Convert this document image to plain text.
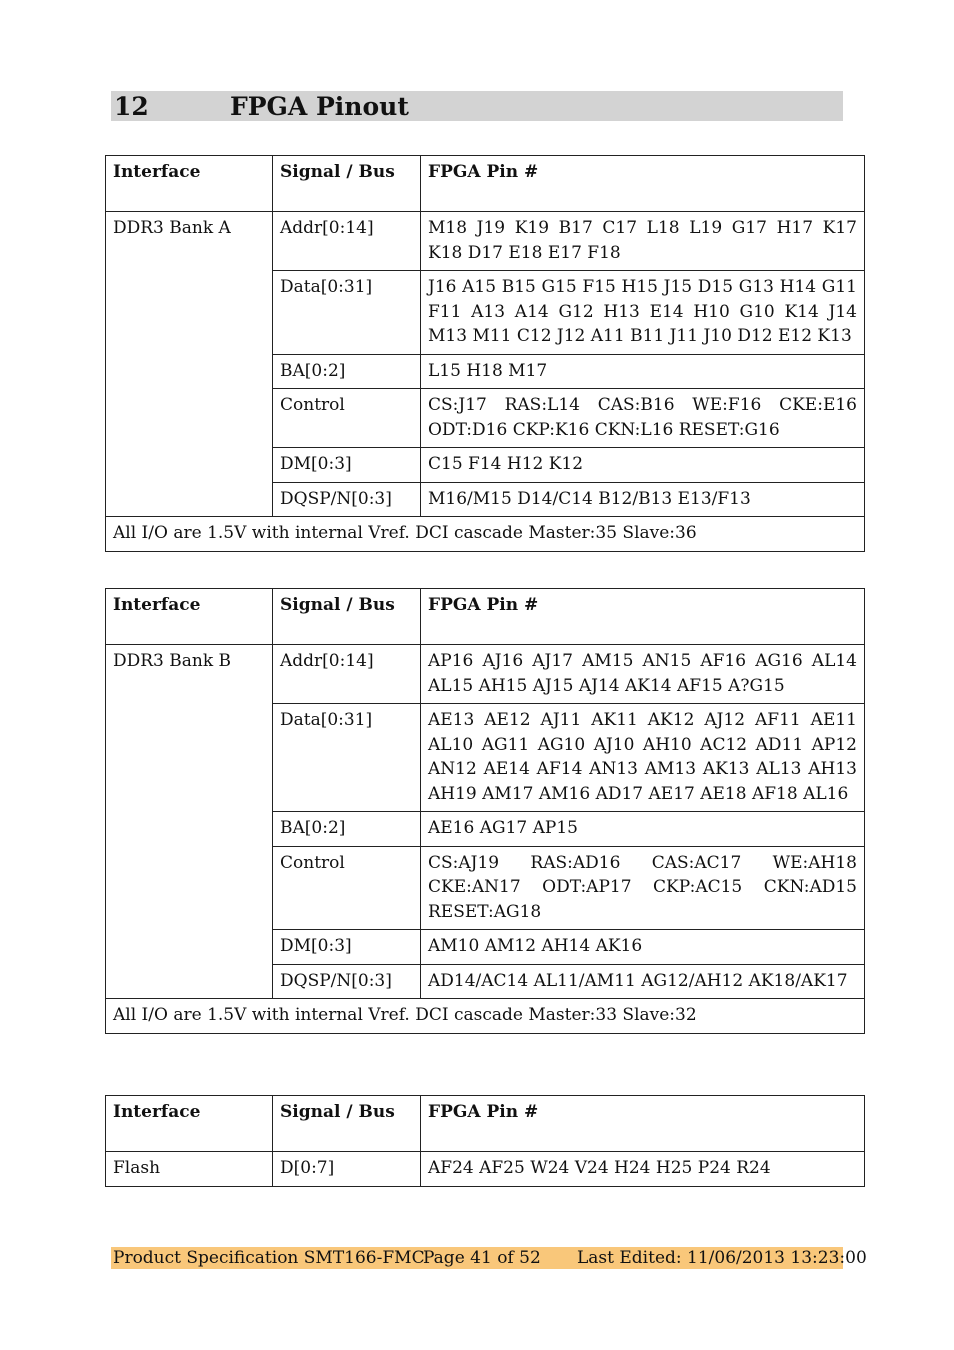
12	FPGA Pinout
Interface	Signal / Bus	FPGA Pin #
DDR3 Bank A	Addr[0:14]	M18 J19 K19 B17 C17 L18 L19 G17 H17 K17 K18 D17 E18 E17 F18
	Data[0:31]	J16 A15 B15 G15 F15 H15 J15 D15 G13 H14 G11 F11 A13 A14 G12 H13 E14 H10 G10 K14 J14 M13 M11 C12 J12 A11 B11 J11 J10 D12 E12 K13
	BA[0:2]	L15 H18 M17
	Control	CS:J17 RAS:L14 CAS:B16 WE:F16 CKE:E16 ODT:D16 CKP:K16 CKN:L16 RESET:G16
	DM[0:3]	C15 F14 H12 K12
	DQSP/N[0:3]	M16/M15 D14/C14 B12/B13 E13/F13
All I/O are 1.5V with internal Vref. DCI cascade Master:35 Slave:36		
Interface	Signal / Bus	FPGA Pin #
DDR3 Bank B	Addr[0:14]	AP16 AJ16 AJ17 AM15 AN15 AF16 AG16 AL14 AL15 AH15 AJ15 AJ14 AK14 AF15 A?G15
	Data[0:31]	AE13 AE12 AJ11 AK11 AK12 AJ12 AF11 AE11 AL10 AG11 AG10 AJ10 AH10 AC12 AD11 AP12 AN12 AE14 AF14 AN13 AM13 AK13 AL13 AH13 AH19 AM17 AM16 AD17 AE17 AE18 AF18 AL16
	BA[0:2]	AE16 AG17 AP15
	Control	CS:AJ19 RAS:AD16 CAS:AC17 WE:AH18 CKE:AN17 ODT:AP17 CKP:AC15 CKN:AD15 RESET:AG18
	DM[0:3]	AM10 AM12 AH14 AK16
	DQSP/N[0:3]	AD14/AC14 AL11/AM11 AG12/AH12 AK18/AK17
All I/O are 1.5V with internal Vref. DCI cascade Master:33 Slave:32		
Interface	Signal / Bus	FPGA Pin #
Flash	D[0:7]	AF24 AF25 W24 V24 H24 H25 P24 R24
Product Specification SMT166-FMC
Page 41 of 52 Last Edited: 11/06/2013 13:23:00
